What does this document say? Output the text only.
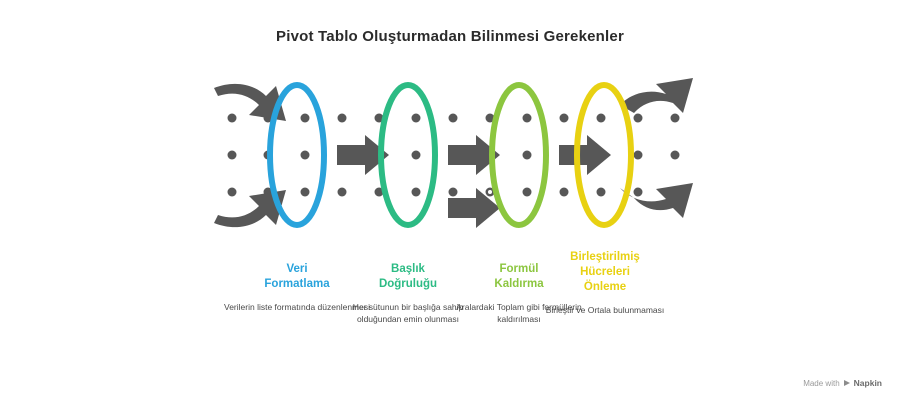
Pivot Tablo Oluşturmadan Bilinmesi Gerekenler
Veri
Formatlama
Verilerin liste formatında düzenlenmesi
Başlık
Doğruluğu
Her sütunun bir başlığa sahip olduğundan emin olunması
Formül
Kaldırma
Aralardaki Toplam gibi formüllerin kaldırılması
Birleştirilmiş
Hücreleri
Önleme
Birleştir ve Ortala bulunmaması
Made with Napkin
